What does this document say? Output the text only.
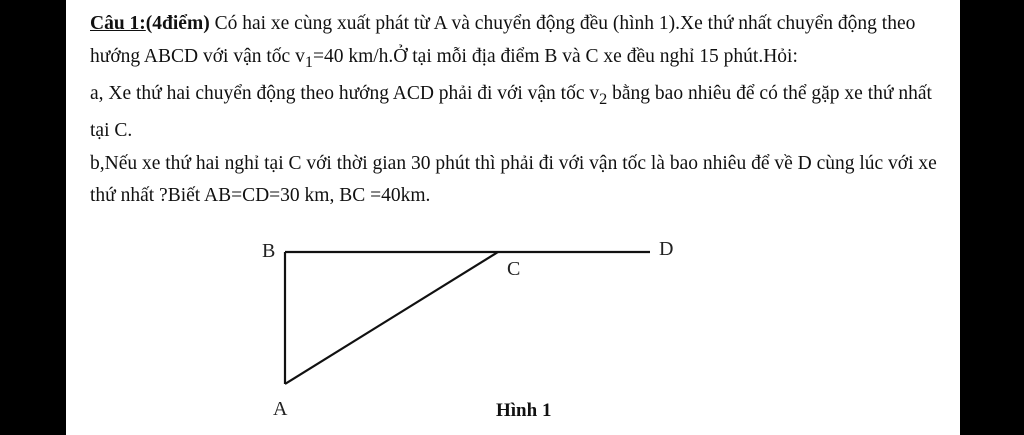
Câu 1:(4điểm) Có hai xe cùng xuất phát từ A và chuyển động đều (hình 1).Xe thứ nhất chuyển động theo hướng ABCD với vận tốc $v_1=40$ km/h.Ở tại mỗi địa điểm B và C xe đều nghỉ 15 phút.Hỏi:

a, Xe thứ hai chuyển động theo hướng ACD phải đi với vận tốc $v_2$ bằng bao nhiêu để có thể gặp xe thứ nhất tại C.

b,Nếu xe thứ hai nghỉ tại C với thời gian 30 phút thì phải đi với vận tốc là bao nhiêu để về D cùng lúc với xe thứ nhất ?Biết AB=CD=30 km, BC =40km.

B	D
C
A	Hình 1
